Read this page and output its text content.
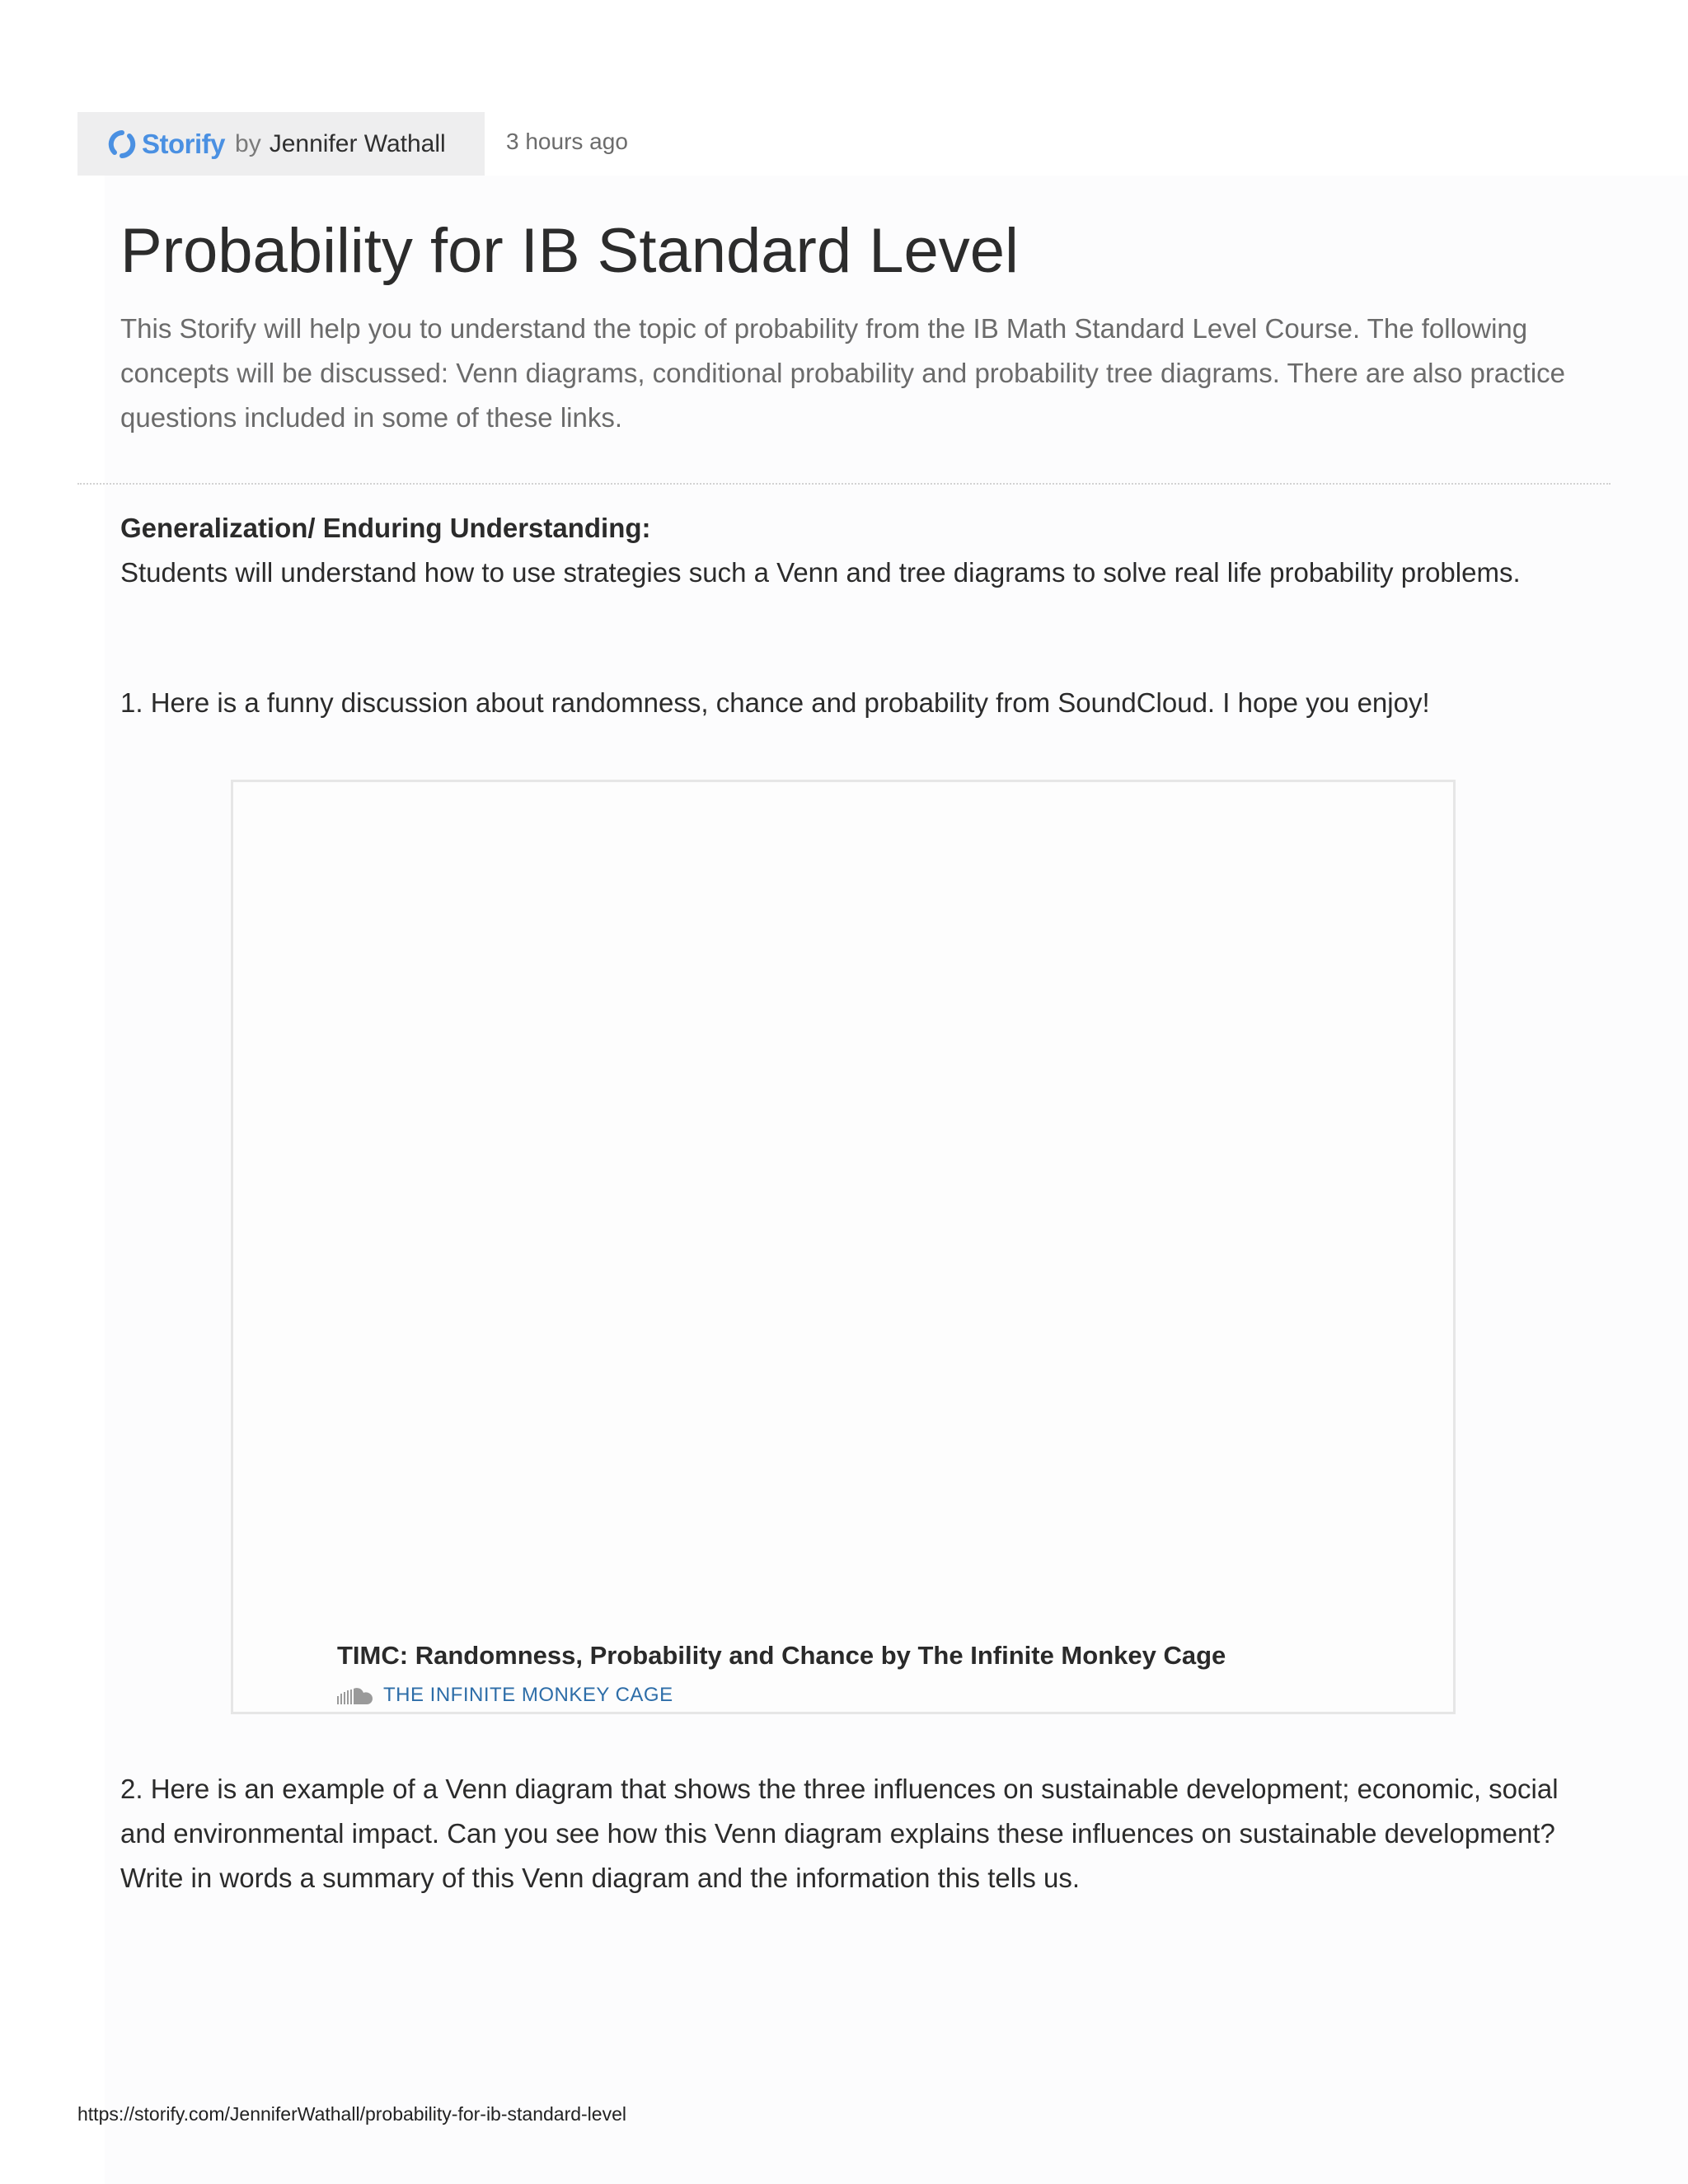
Storify by Jennifer Wathall	3 hours ago
Probability for IB Standard Level

This Storify will help you to understand the topic of probability from the IB Math Standard Level Course. The following concepts will be discussed: Venn diagrams, conditional probability and probability tree diagrams. There are also practice questions included in some of these links.

Generalization/ Enduring Understanding:

Students will understand how to use strategies such a Venn and tree diagrams to solve real life probability problems.

1. Here is a funny discussion about randomness, chance and probability from SoundCloud. I hope you enjoy!

TIMC: Randomness, Probability and Chance by The Infinite Monkey Cage
THE INFINITE MONKEY CAGE

2. Here is an example of a Venn diagram that shows the three influences on sustainable development; economic, social and environmental impact. Can you see how this Venn diagram explains these influences on sustainable development? Write in words a summary of this Venn diagram and the information this tells us.

https://storify.com/JenniferWathall/probability-for-ib-standard-level
